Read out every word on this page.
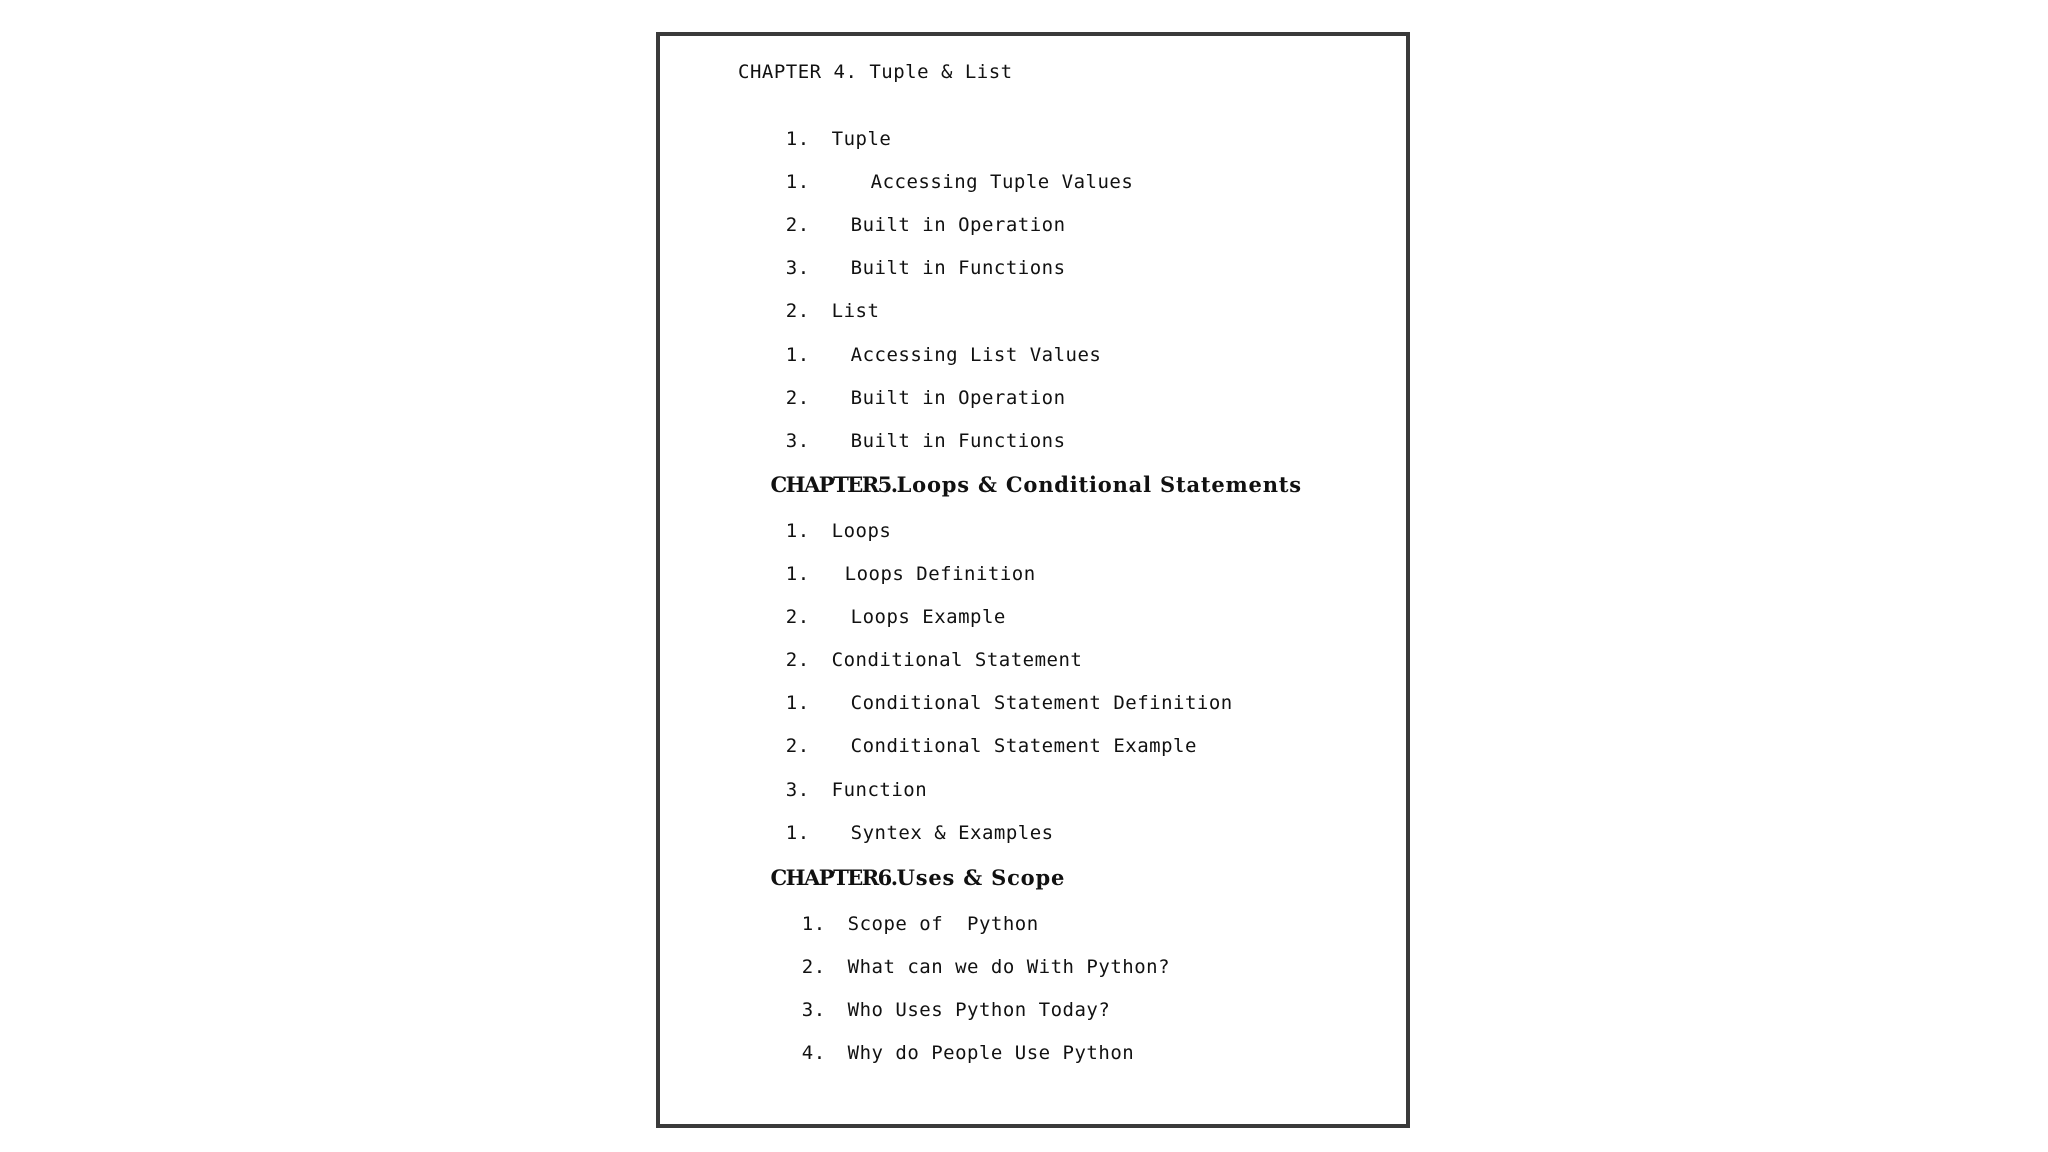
CHAPTER 4. Tuple & List

1. Tuple

1.	Accessing Tuple Values

2. Built in Operation

3. Built in Functions

2. List

1. Accessing List Values

2. Built in Operation

3. Built in Functions

CHAPTER5.Loops & Conditional Statements

1. Loops

1. Loops Definition

2. Loops Example

2. Conditional Statement

1. Conditional Statement Definition

2. Conditional Statement Example

3. Function

1. Syntex & Examples

CHAPTER6.Uses & Scope

1. Scope of  Python

2. What can we do With Python?

3. Who Uses Python Today?

4. Why do People Use Python
